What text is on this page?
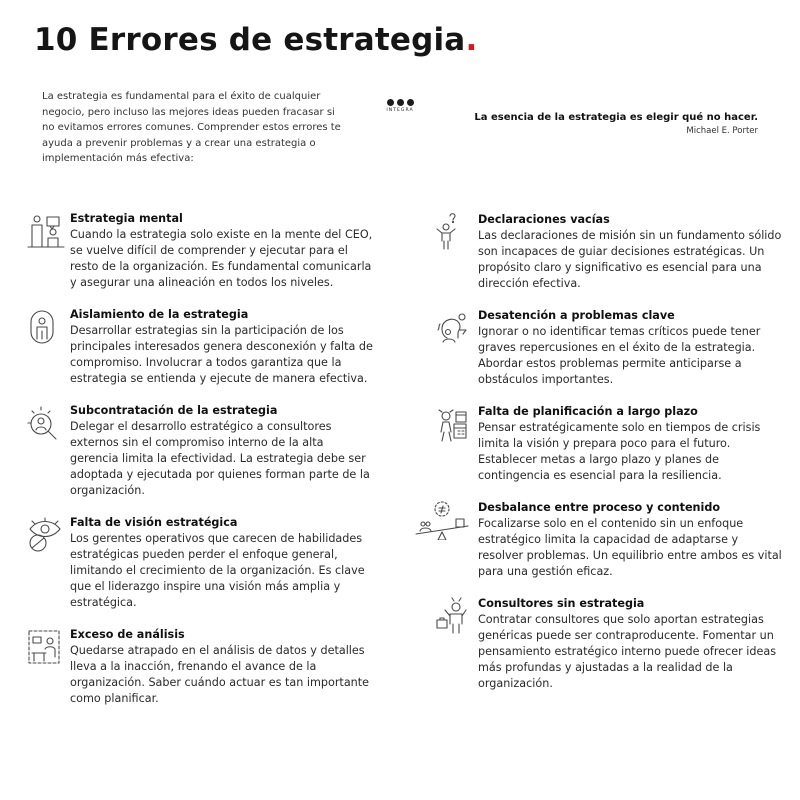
10 Errores de estrategia.

La estrategia es fundamental para el éxito de cualquier negocio, pero incluso las mejores ideas pueden fracasar si no evitamos errores comunes. Comprender estos errores te ayuda a prevenir problemas y a crear una estrategia o implementación más efectiva:

INTEGRA
La esencia de la estrategia es elegir qué no hacer.
Michael E. Porter
Estrategia mental

Cuando la estrategia solo existe en la mente del CEO, se vuelve difícil de comprender y ejecutar para el resto de la organización. Es fundamental comunicarla y asegurar una alineación en todos los niveles.

Aislamiento de la estrategia

Desarrollar estrategias sin la participación de los principales interesados genera desconexión y falta de compromiso. Involucrar a todos garantiza que la estrategia se entienda y ejecute de manera efectiva.

Subcontratación de la estrategia

Delegar el desarrollo estratégico a consultores externos sin el compromiso interno de la alta gerencia limita la efectividad. La estrategia debe ser adoptada y ejecutada por quienes forman parte de la organización.

Falta de visión estratégica

Los gerentes operativos que carecen de habilidades estratégicas pueden perder el enfoque general, limitando el crecimiento de la organización. Es clave que el liderazgo inspire una visión más amplia y estratégica.

Exceso de análisis

Quedarse atrapado en el análisis de datos y detalles lleva a la inacción, frenando el avance de la organización. Saber cuándo actuar es tan importante como planificar.

Declaraciones vacías

Las declaraciones de misión sin un fundamento sólido son incapaces de guiar decisiones estratégicas. Un propósito claro y significativo es esencial para una dirección efectiva.

Desatención a problemas clave

Ignorar o no identificar temas críticos puede tener graves repercusiones en el éxito de la estrategia. Abordar estos problemas permite anticiparse a obstáculos importantes.

Falta de planificación a largo plazo

Pensar estratégicamente solo en tiempos de crisis limita la visión y prepara poco para el futuro. Establecer metas a largo plazo y planes de contingencia es esencial para la resiliencia.

Desbalance entre proceso y contenido

Focalizarse solo en el contenido sin un enfoque estratégico limita la capacidad de adaptarse y resolver problemas. Un equilibrio entre ambos es vital para una gestión eficaz.

Consultores sin estrategia

Contratar consultores que solo aportan estrategias genéricas puede ser contraproducente. Fomentar un pensamiento estratégico interno puede ofrecer ideas más profundas y ajustadas a la realidad de la organización.
